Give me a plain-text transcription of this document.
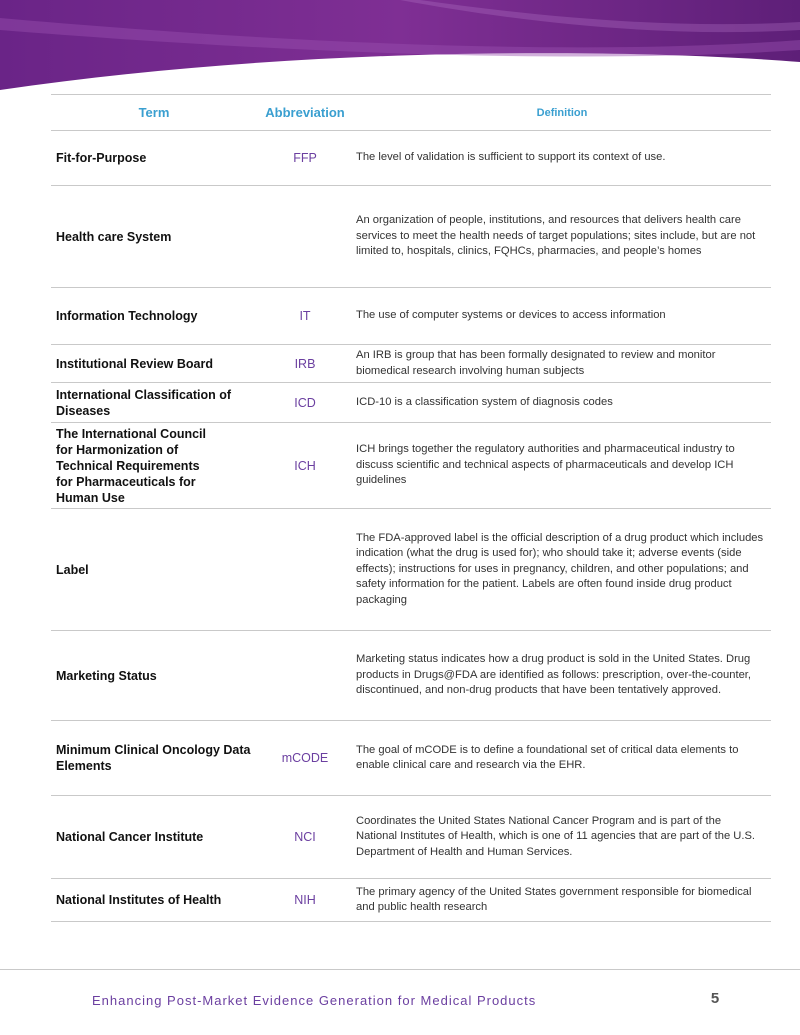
Term	Abbreviation	Definition
Fit-for-Purpose	FFP	The level of validation is sufficient to support its context of use.
Health care System		An organization of people, institutions, and resources that delivers health care services to meet the health needs of target populations; sites include, but are not limited to, hospitals, clinics, FQHCs, pharmacies, and people’s homes
Information Technology	IT	The use of computer systems or devices to access information
Institutional Review Board	IRB	An IRB is group that has been formally designated to review and monitor biomedical research involving human subjects
International Classification of Diseases	ICD	ICD-10 is a classification system of diagnosis codes
The International Council for Harmonization of Technical Requirements for Pharmaceuticals for Human Use	ICH	ICH brings together the regulatory authorities and pharmaceutical industry to discuss scientific and technical aspects of pharmaceuticals and develop ICH guidelines
Label		The FDA-approved label is the official description of a drug product which includes indication (what the drug is used for); who should take it; adverse events (side effects); instructions for uses in pregnancy, children, and other populations; and safety information for the patient. Labels are often found inside drug product packaging
Marketing Status		Marketing status indicates how a drug product is sold in the United States. Drug products in Drugs@FDA are identified as follows: prescription, over-the-counter, discontinued, and non-drug products that have been tentatively approved.
Minimum Clinical Oncology Data Elements	mCODE	The goal of mCODE is to define a foundational set of critical data elements to enable clinical care and research via the EHR.
National Cancer Institute	NCI	Coordinates the United States National Cancer Program and is part of the National Institutes of Health, which is one of 11 agencies that are part of the U.S. Department of Health and Human Services.
National Institutes of Health	NIH	The primary agency of the United States government responsible for biomedical and public health research
Enhancing Post-Market Evidence Generation for Medical Products	5
